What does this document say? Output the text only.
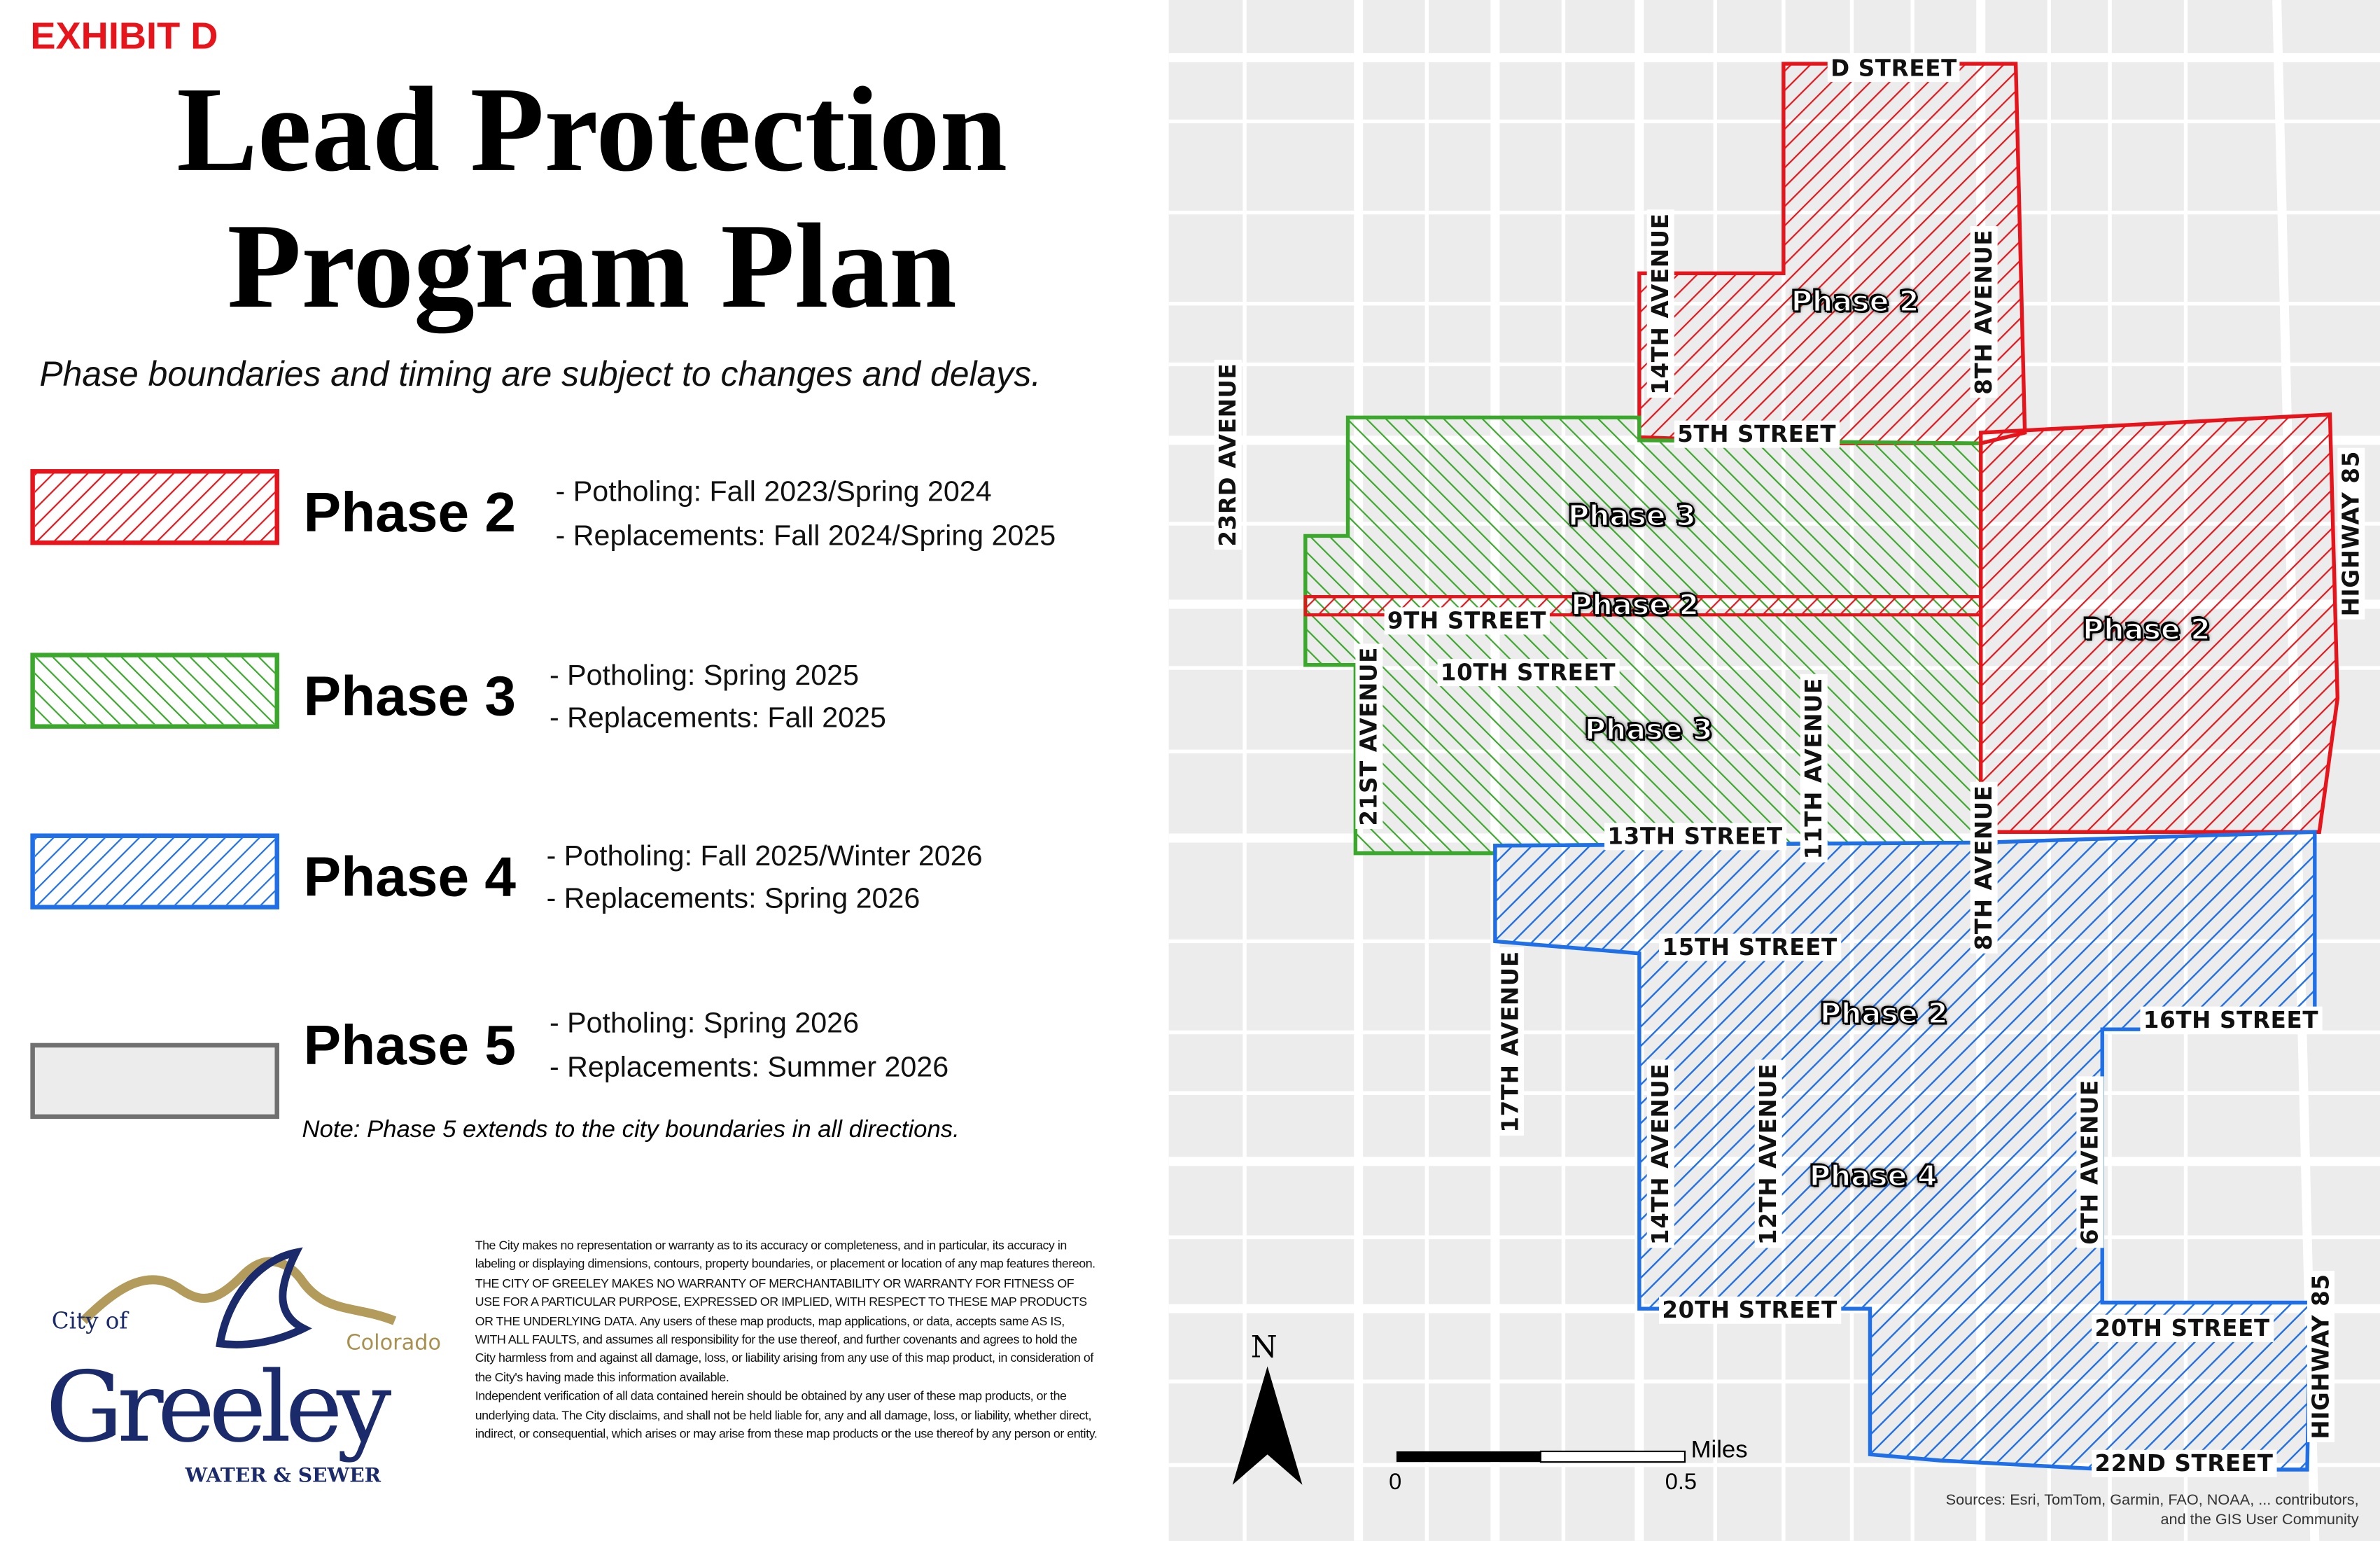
EXHIBIT D
Lead Protection
Program Plan
Phase boundaries and timing are subject to changes and delays.
Phase 2	- Potholing: Fall 2023/Spring 2024
- Replacements: Fall 2024/Spring 2025
Phase 3	- Potholing: Spring 2025
- Replacements: Fall 2025
Phase 4 - Potholing: Fall 2025/Winter 2026
- Replacements: Spring 2026
Phase 5	- Potholing: Spring 2026
- Replacements: Summer 2026
Note: Phase 5 extends to the city boundaries in all directions.
City of
Colorado
Greeley
WATER & SEWER

The City makes no representation or warranty as to its accuracy or completeness, and in particular, its accuracy in labeling or displaying dimensions, contours, property boundaries, or placement or location of any map features thereon. THE CITY OF GREELEY MAKES NO WARRANTY OF MERCHANTABILITY OR WARRANTY FOR FITNESS OF USE FOR A PARTICULAR PURPOSE, EXPRESSED OR IMPLIED, WITH RESPECT TO THESE MAP PRODUCTS OR THE UNDERLYING DATA. Any users of these map products, map applications, or data, accepts same AS IS, WITH ALL FAULTS, and assumes all responsibility for the use thereof, and further covenants and agrees to hold the City harmless from and against all damage, loss, or liability arising from any use of this map product, in consideration of the City's having made this information available.

Independent verification of all data contained herein should be obtained by any user of these map products, or the underlying data. The City disclaims, and shall not be held liable for, any and all damage, loss, or liability, whether direct, indirect, or consequential, which arises or may arise from these map products or the use thereof by any person or entity.

D STREET
5TH STREET
9TH STREET
10TH STREET
13TH STREET
15TH STREET
16TH STREET
20TH STREET
20TH STREET
22ND STREET
23RD AVENUE
21ST AVENUE
17TH AVENUE
14TH AVENUE
14TH AVENUE	12TH AVENUE
11TH AVENUE
8TH AVENUE
8TH AVENUE
6TH AVENUE
HIGHWAY 85
HIGHWAY 85
Phase 2
Phase 3
Phase 2
Phase 2
Phase 3
Phase 2
Phase 4
N
Miles
0	0.5
Sources: Esri, TomTom, Garmin, FAO, NOAA, ... contributors,
and the GIS User Community
